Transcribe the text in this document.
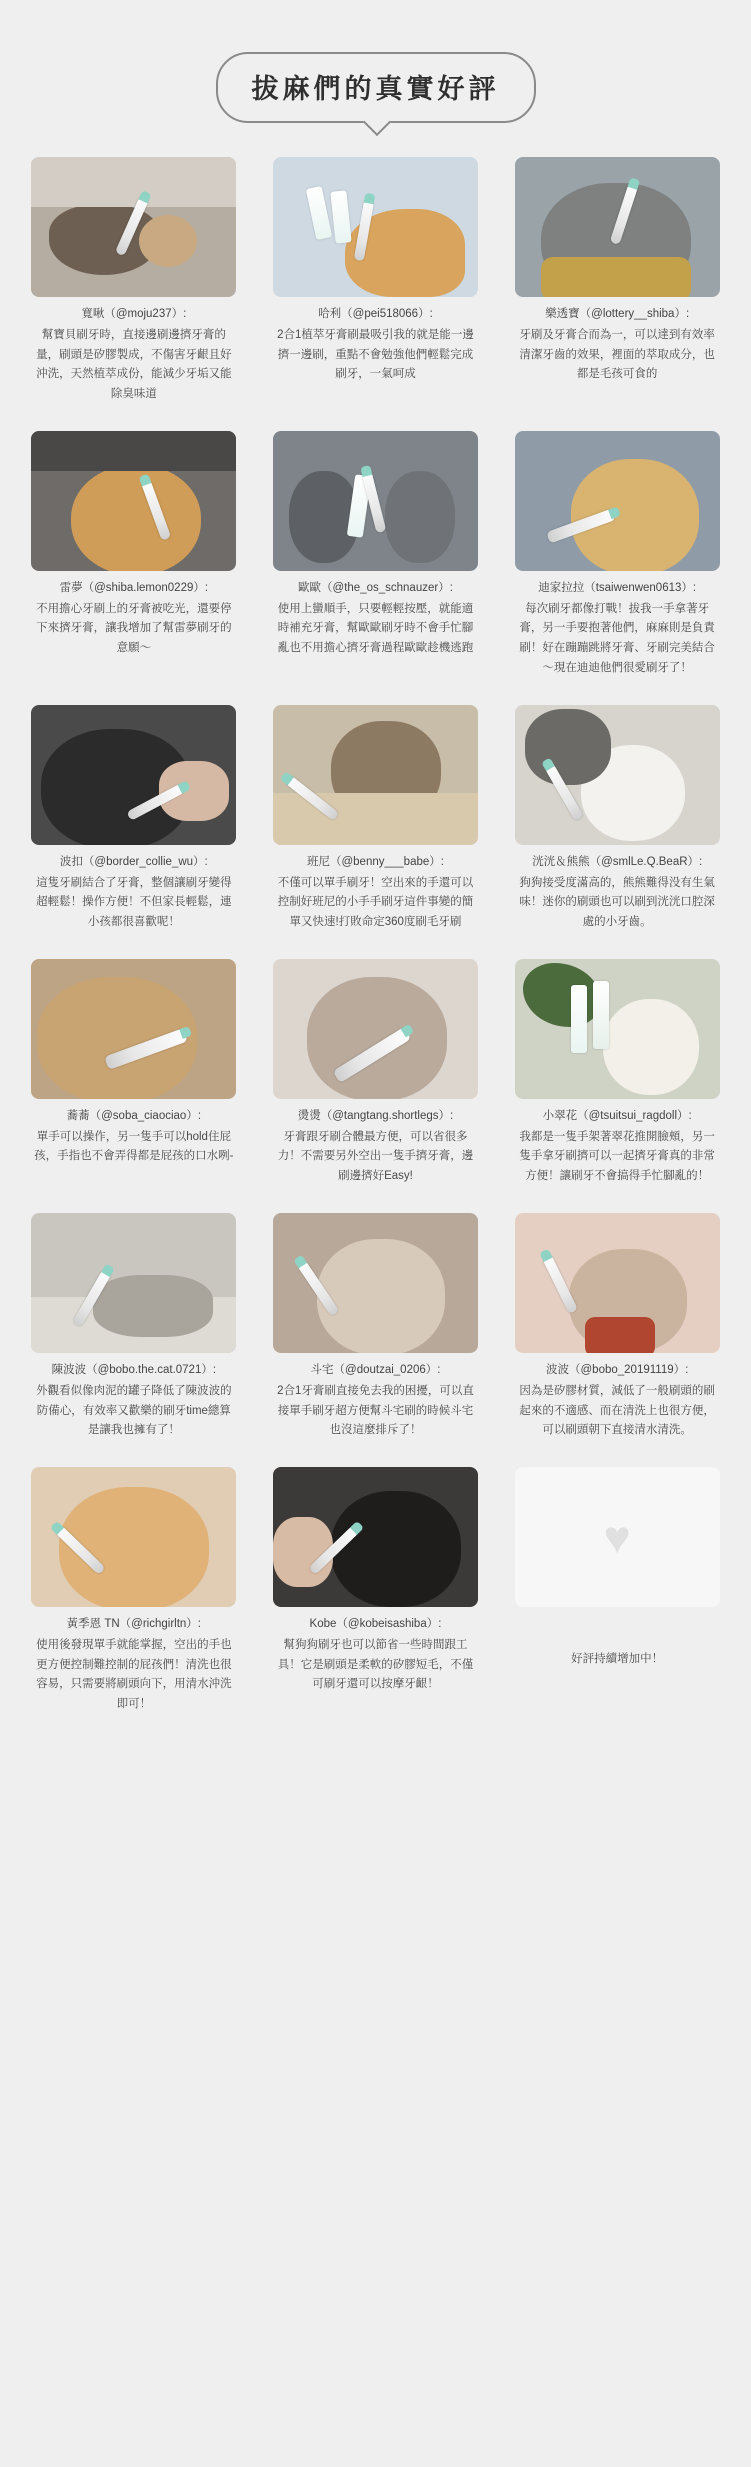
拔麻們的真實好評
寬啾（@moju237）:
幫寶貝刷牙時，直接邊刷邊擠牙膏的量，刷頭是矽膠製成，不傷害牙齦且好沖洗，天然植萃成份，能減少牙垢又能除臭味道
哈利（@pei518066）:
2合1植萃牙膏刷最吸引我的就是能一邊擠一邊刷，重點不會勉強他們輕鬆完成刷牙，一氣呵成
樂透寶（@lottery__shiba）:
牙刷及牙膏合而為一，可以達到有效率清潔牙齒的效果，裡面的萃取成分，也都是毛孩可食的
雷夢（@shiba.lemon0229）:
不用擔心牙刷上的牙膏被吃光，還要停下來擠牙膏，讓我增加了幫雷夢刷牙的意願～
歐歐（@the_os_schnauzer）:
使用上蠻順手，只要輕輕按壓，就能適時補充牙膏，幫歐歐刷牙時不會手忙腳亂也不用擔心擠牙膏過程歐歐趁機逃跑
迪家拉拉（tsaiwenwen0613）:
每次刷牙都像打戰！拔我一手拿著牙膏，另一手要抱著他們，麻麻則是負責刷！好在蹦蹦跳將牙膏、牙刷完美結合～現在迪迪他們很愛刷牙了！
波扣（@border_collie_wu）:
這隻牙刷結合了牙膏，整個讓刷牙變得超輕鬆！操作方便！不但家長輕鬆，連小孩都很喜歡呢！
班尼（@benny___babe）:
不僅可以單手刷牙！空出來的手還可以控制好班尼的小手手刷牙這件事變的簡單又快速!打敗命定360度刷毛牙刷
洸洸＆熊熊（@smlLe.Q.BeaR）:
狗狗接受度滿高的，熊熊難得没有生氣味！迷你的刷頭也可以刷到洸洸口腔深處的小牙齒。
蕎蕎（@soba_ciaociao）:
單手可以操作，另一隻手可以hold住屁孩，手指也不會弄得都是屁孩的口水咧-
燙燙（@tangtang.shortlegs）:
牙膏跟牙刷合體最方便，可以省很多力！不需要另外空出一隻手擠牙膏，邊刷邊擠好Easy!
小翠花（@tsuitsui_ragdoll）:
我都是一隻手架著翠花推開臉頰，另一隻手拿牙刷擠可以一起擠牙膏真的非常方便！讓刷牙不會搞得手忙腳亂的！
陳波波（@bobo.the.cat.0721）:
外觀看似像肉泥的罐子降低了陳波波的防備心，有效率又歡樂的刷牙time總算是讓我也擁有了！
斗宅（@doutzai_0206）:
2合1牙膏刷直接免去我的困擾，可以直接單手刷牙超方便幫斗宅刷的時候斗宅也沒這麼排斥了！
波波（@bobo_20191119）:
因為是矽膠材質，減低了一般刷頭的刷起來的不適感、而在清洗上也很方便，可以刷頭朝下直接清水清洗。
黃季恩 TN（@richgirltn）:
使用後發現單手就能掌握，空出的手也更方便控制難控制的屁孩們！清洗也很容易，只需要將刷頭向下，用清水沖洗即可！
Kobe（@kobeisashiba）:
幫狗狗刷牙也可以節省一些時間跟工具！它是刷頭是柔軟的矽膠短毛，不僅可刷牙還可以按摩牙齦！
♥
好評持續增加中！
